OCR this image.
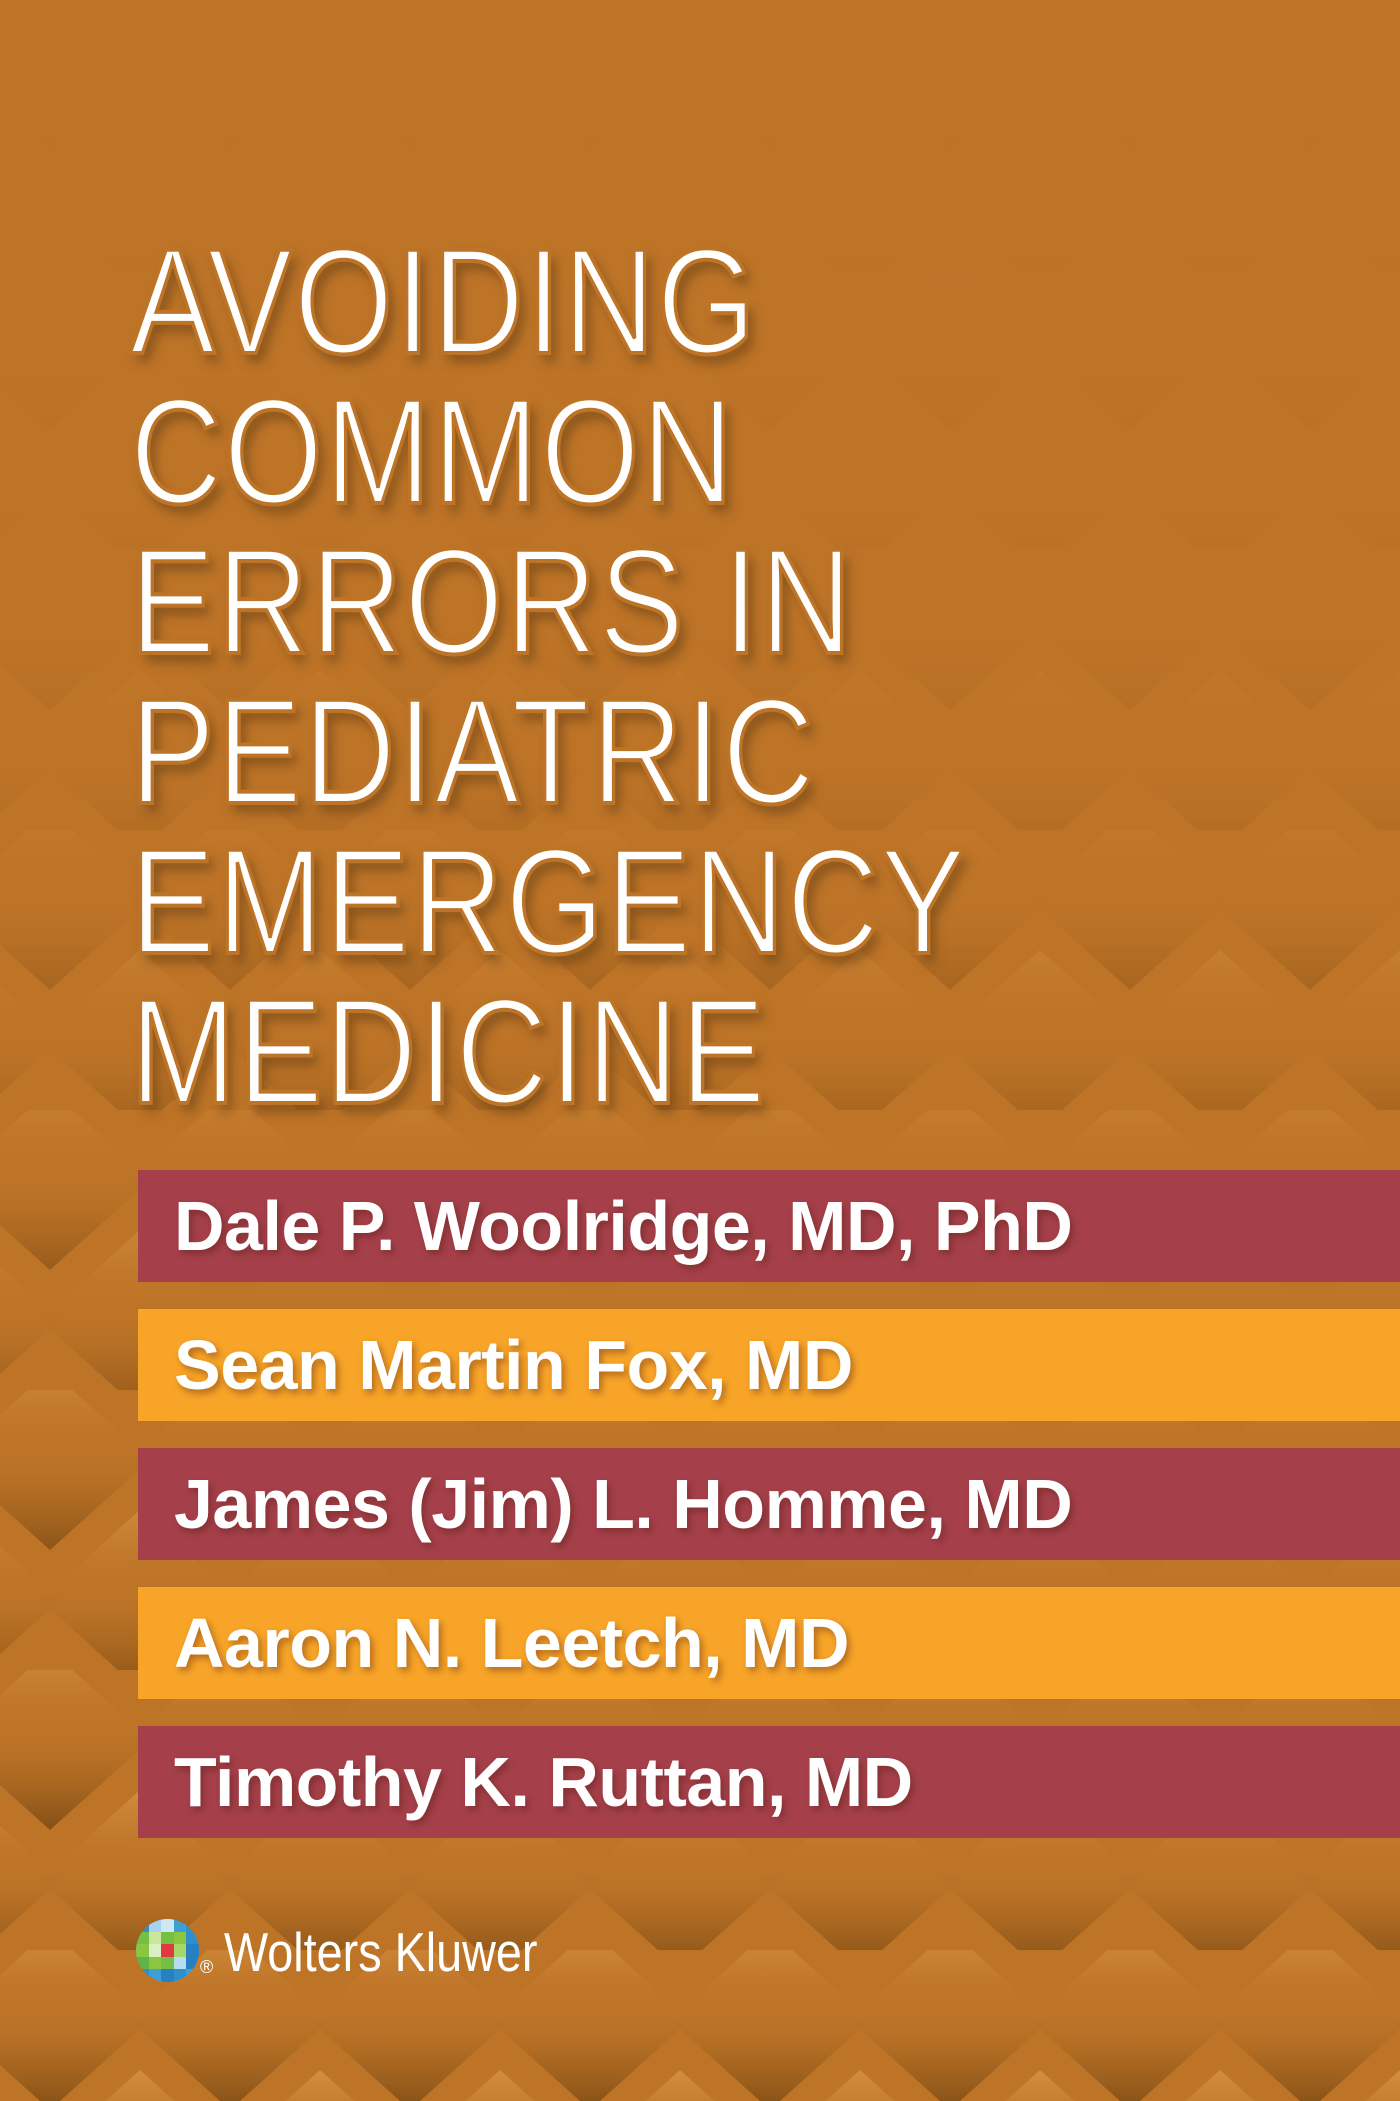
AVOIDING
COMMON
ERRORS IN
PEDIATRIC
EMERGENCY
MEDICINE
Dale P. Woolridge, MD, PhD
Sean Martin Fox, MD
James (Jim) L. Homme, MD
Aaron N. Leetch, MD
Timothy K. Ruttan, MD
® Wolters Kluwer
